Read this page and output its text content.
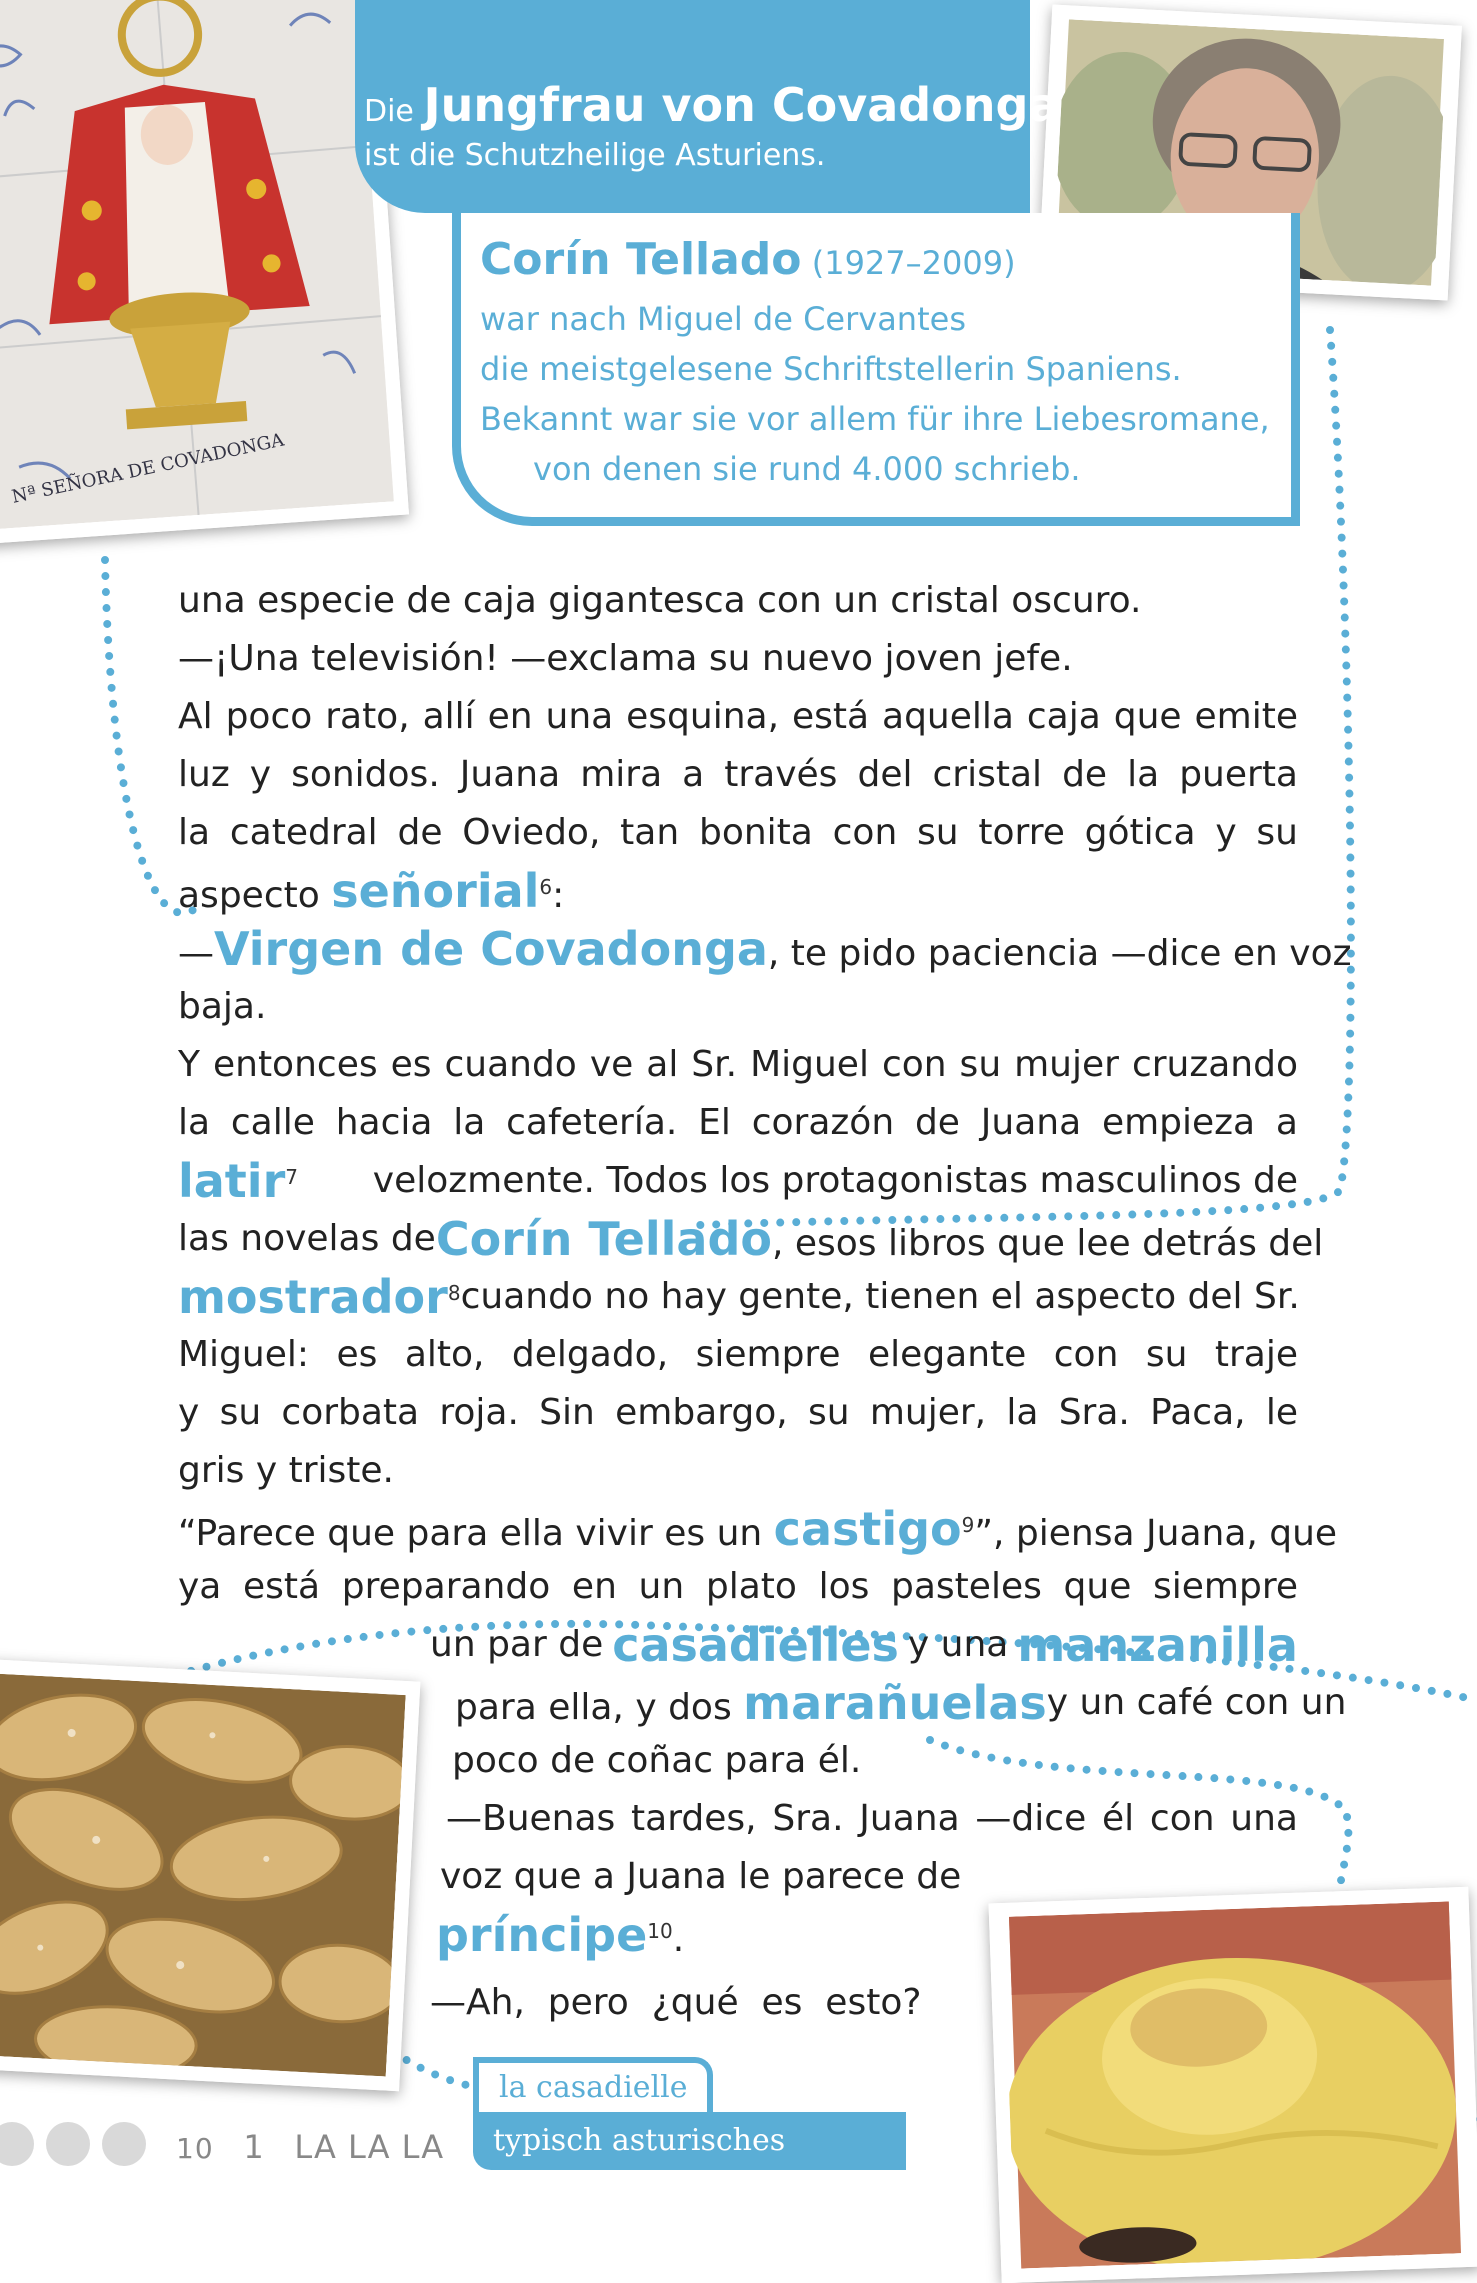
Nª SEÑORA DE COVADONGA
Die Jungfrau von Covadonga
ist die Schutzheilige Asturiens.
Corín Tellado (1927–2009)
war nach Miguel de Cervantes
die meistgelesene Schriftstellerin Spaniens.
Bekannt war sie vor allem für ihre Liebesromane,
von denen sie rund 4.000 schrieb.
una especie de caja gigantesca con un cristal oscuro.
—¡Una televisión! —exclama su nuevo joven jefe.
Al poco rato, allí en una esquina, está aquella caja que emite
luz y sonidos. Juana mira a través del cristal de la puerta
la catedral de Oviedo, tan bonita con su torre gótica y su
aspecto señorial$^6$:
—Virgen de Covadonga, te pido paciencia —dice en voz
baja.
Y entonces es cuando ve al Sr. Miguel con su mujer cruzando
la calle hacia la cafetería. El corazón de Juana empieza a
latir$^7$ velozmente. Todos los protagonistas masculinos de
las novelas de Corín Tellado, esos libros que lee detrás del
mostrador$^8$ cuando no hay gente, tienen el aspecto del Sr.
Miguel: es alto, delgado, siempre elegante con su traje
y su corbata roja. Sin embargo, su mujer, la Sra. Paca, le
gris y triste.
“Parece que para ella vivir es un castigo$^9$”, piensa Juana, que
ya está preparando en un plato los pasteles que siempre
un par de casadielles y una manzanilla
para ella, y dos marañuelas y un café con un
poco de coñac para él.
—Buenas tardes, Sra. Juana —dice él con una
voz que a Juana le parece de
príncipe$^{10}$.
—Ah,  pero  ¿qué  es  esto?
la casadielle
typisch asturisches Gebäck
10 1 LA LA LA
